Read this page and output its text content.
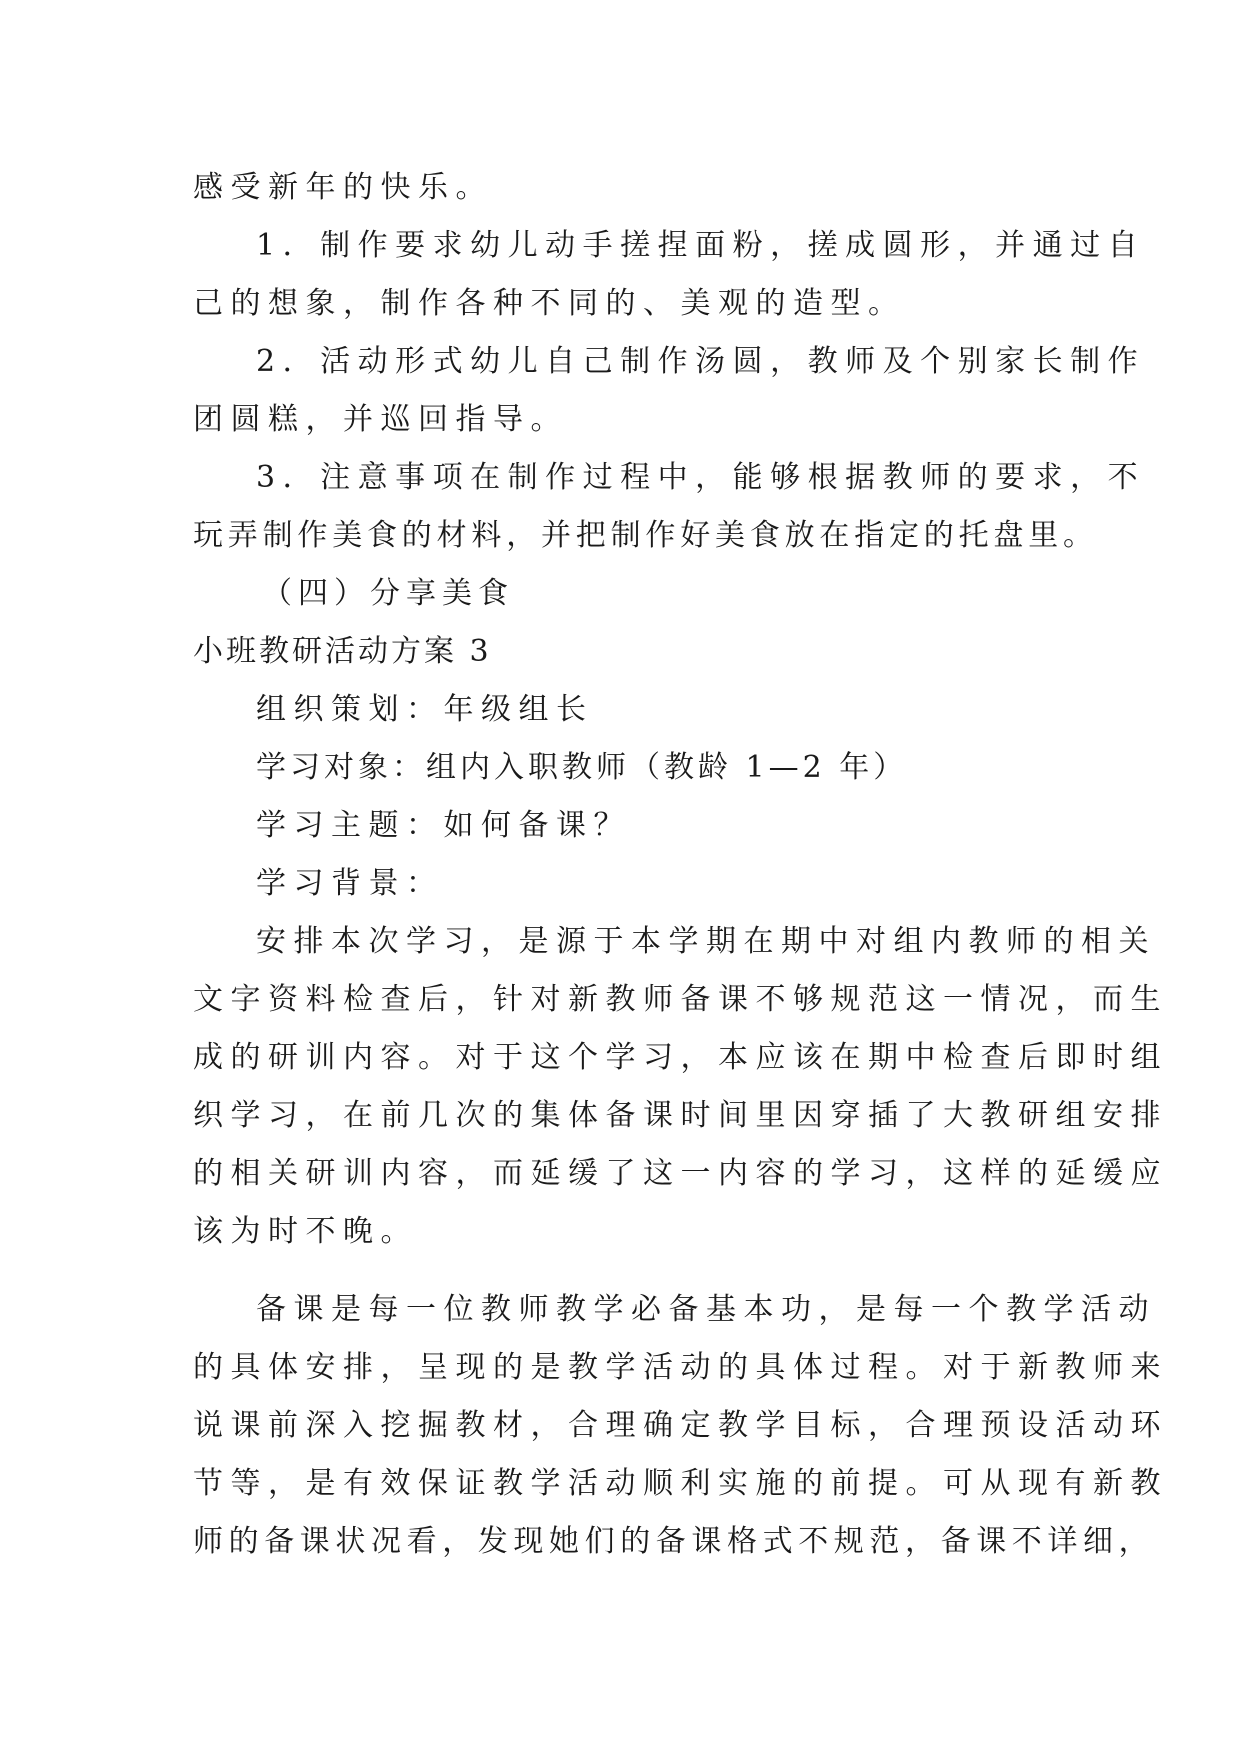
感受新年的快乐。

1．制作要求幼儿动手搓捏面粉，搓成圆形，并通过自

己的想象，制作各种不同的、美观的造型。

2．活动形式幼儿自己制作汤圆，教师及个别家长制作

团圆糕，并巡回指导。

3．注意事项在制作过程中，能够根据教师的要求，不

玩弄制作美食的材料，并把制作好美食放在指定的托盘里。

（四）分享美食

小班教研活动方案 3

组织策划：年级组长

学习对象：组内入职教师（教龄 1—2 年）

学习主题：如何备课？

学习背景：

安排本次学习，是源于本学期在期中对组内教师的相关

文字资料检查后，针对新教师备课不够规范这一情况，而生

成的研训内容。对于这个学习，本应该在期中检查后即时组

织学习，在前几次的集体备课时间里因穿插了大教研组安排

的相关研训内容，而延缓了这一内容的学习，这样的延缓应

该为时不晚。

备课是每一位教师教学必备基本功，是每一个教学活动

的具体安排，呈现的是教学活动的具体过程。对于新教师来

说课前深入挖掘教材，合理确定教学目标，合理预设活动环

节等，是有效保证教学活动顺利实施的前提。可从现有新教

师的备课状况看，发现她们的备课格式不规范，备课不详细，
